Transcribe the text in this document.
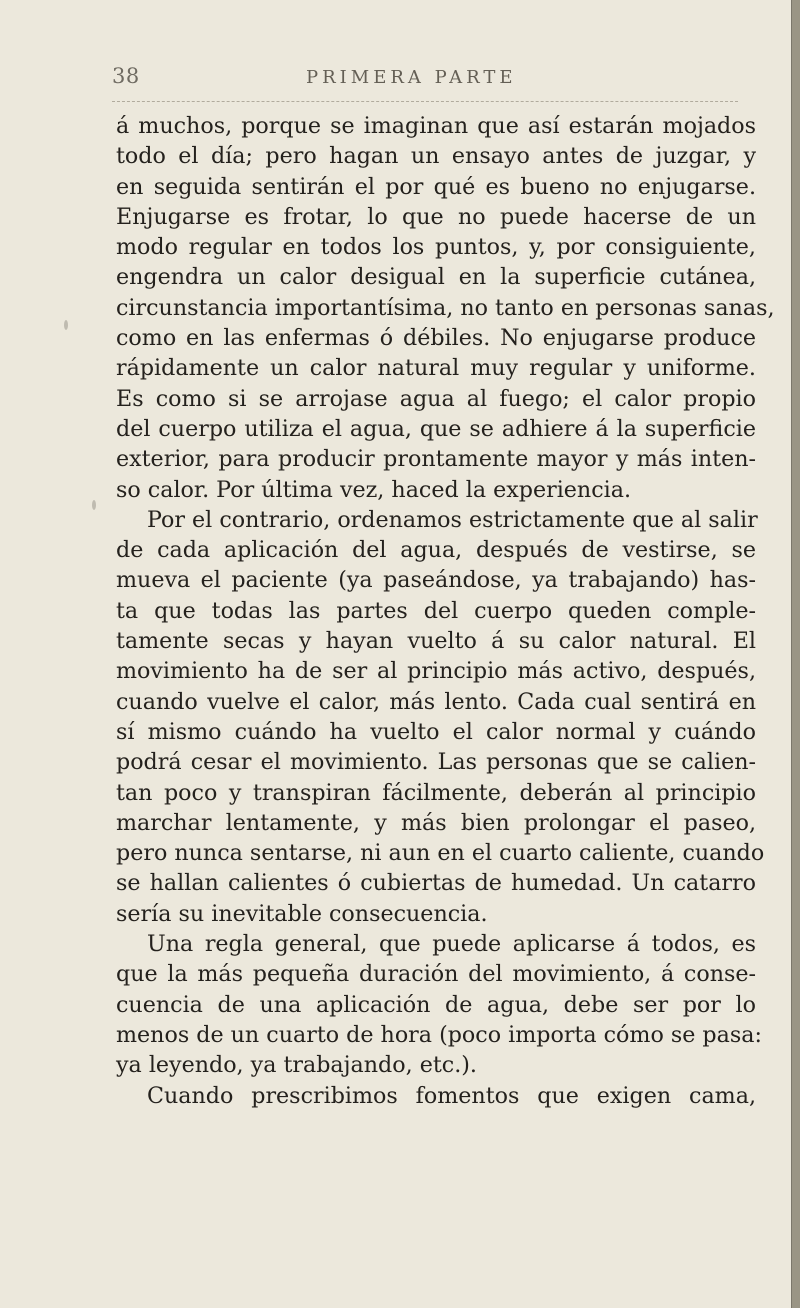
38	PRIMERA PARTE
á muchos, porque se imaginan que así estarán mojados
todo el día; pero hagan un ensayo antes de juzgar, y
en seguida sentirán el por qué es bueno no enjugarse.
Enjugarse es frotar, lo que no puede hacerse de un
modo regular en todos los puntos, y, por consiguiente,
engendra un calor desigual en la superficie cutánea,
circunstancia importantísima, no tanto en personas sanas,
como en las enfermas ó débiles. No enjugarse produce
rápidamente un calor natural muy regular y uniforme.
Es como si se arrojase agua al fuego; el calor propio
del cuerpo utiliza el agua, que se adhiere á la superficie
exterior, para producir prontamente mayor y más inten-
so calor. Por última vez, haced la experiencia.
Por el contrario, ordenamos estrictamente que al salir
de cada aplicación del agua, después de vestirse, se
mueva el paciente (ya paseándose, ya trabajando) has-
ta que todas las partes del cuerpo queden comple-
tamente secas y hayan vuelto á su calor natural. El
movimiento ha de ser al principio más activo, después,
cuando vuelve el calor, más lento. Cada cual sentirá en
sí mismo cuándo ha vuelto el calor normal y cuándo
podrá cesar el movimiento. Las personas que se calien-
tan poco y transpiran fácilmente, deberán al principio
marchar lentamente, y más bien prolongar el paseo,
pero nunca sentarse, ni aun en el cuarto caliente, cuando
se hallan calientes ó cubiertas de humedad. Un catarro
sería su inevitable consecuencia.
Una regla general, que puede aplicarse á todos, es
que la más pequeña duración del movimiento, á conse-
cuencia de una aplicación de agua, debe ser por lo
menos de un cuarto de hora (poco importa cómo se pasa:
ya leyendo, ya trabajando, etc.).
Cuando prescribimos fomentos que exigen cama,
